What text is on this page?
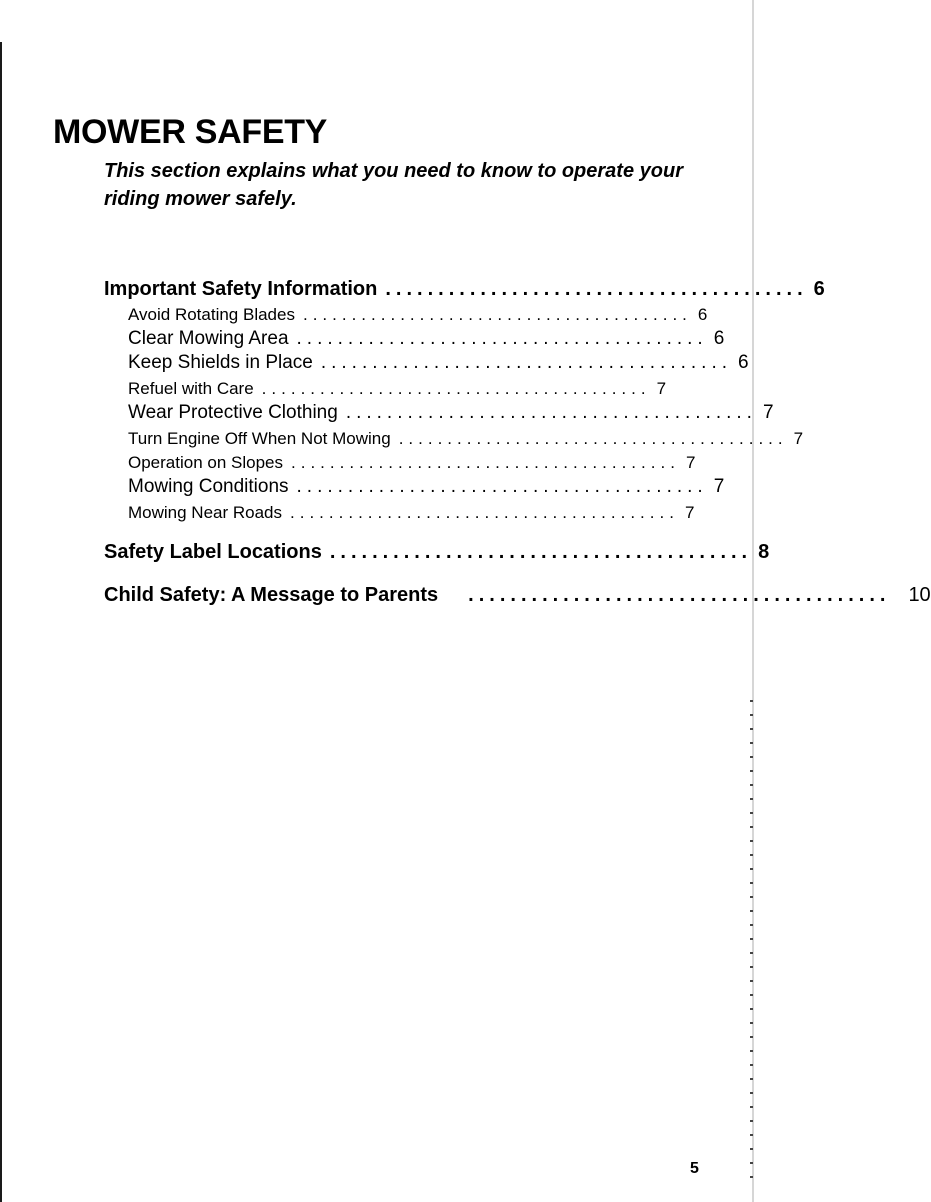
MOWER SAFETY

This section explains what you need to know to operate your riding mower safely.

Important Safety Information ........................................ 6
Avoid Rotating Blades ........................................ 6
Clear Mowing Area ........................................ 6
Keep Shields in Place ........................................ 6
Refuel with Care ........................................ 7
Wear Protective Clothing ........................................ 7
Turn Engine Off When Not Mowing ........................................ 7
Operation on Slopes ........................................ 7
Mowing Conditions ........................................ 7
Mowing Near Roads ........................................ 7
Safety Label Locations ........................................ 8
Child Safety: A Message to Parents	........................................ 10

5
